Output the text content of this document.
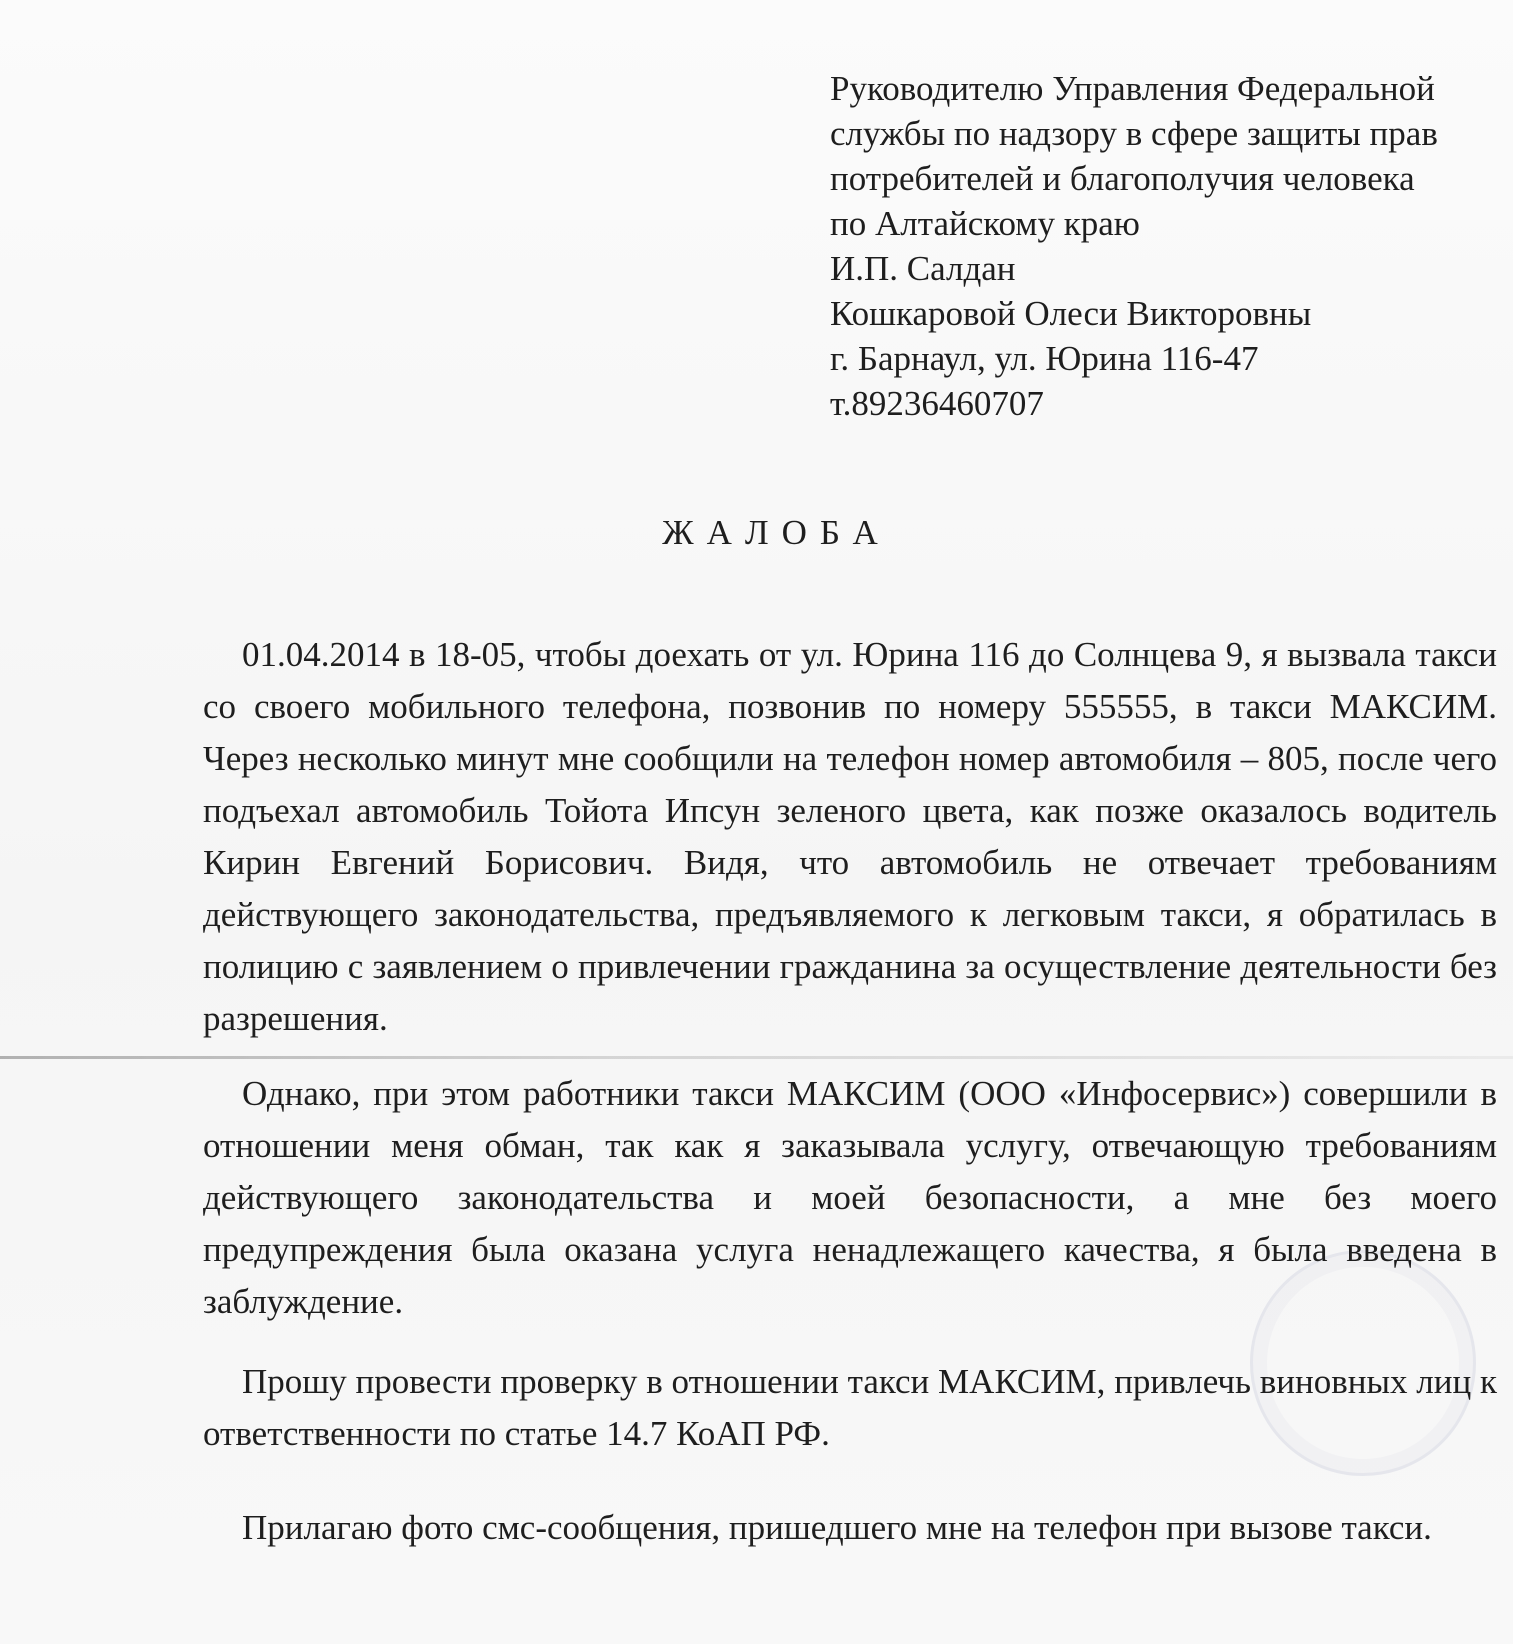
Руководителю Управления Федеральной
службы по надзору в сфере защиты прав
потребителей и благополучия человека
по Алтайскому краю
И.П. Салдан
Кошкаровой Олеси Викторовны
г. Барнаул, ул. Юрина 116-47
т.89236460707
ЖАЛОБА

01.04.2014 в 18-05, чтобы доехать от ул. Юрина 116 до Солнцева 9, я вызвала такси со своего мобильного телефона, позвонив по номеру 555555, в такси МАКСИМ. Через несколько минут мне сообщили на телефон номер автомобиля – 805, после чего подъехал автомобиль Тойота Ипсун зеленого цвета, как позже оказалось водитель Кирин Евгений Борисович. Видя, что автомобиль не отвечает требованиям действующего законодательства, предъявляемого к легковым такси, я обратилась в полицию с заявлением о привлечении гражданина за осуществление деятельности без разрешения.

Однако, при этом работники такси МАКСИМ (ООО «Инфосервис») совершили в отношении меня обман, так как я заказывала услугу, отвечающую требованиям действующего законодательства и моей безопасности, а мне без моего предупреждения была оказана услуга ненадлежащего качества, я была введена в заблуждение.

Прошу провести проверку в отношении такси МАКСИМ, привлечь виновных лиц к ответственности по статье 14.7 КоАП РФ.

Прилагаю фото смс-сообщения, пришедшего мне на телефон при вызове такси.
